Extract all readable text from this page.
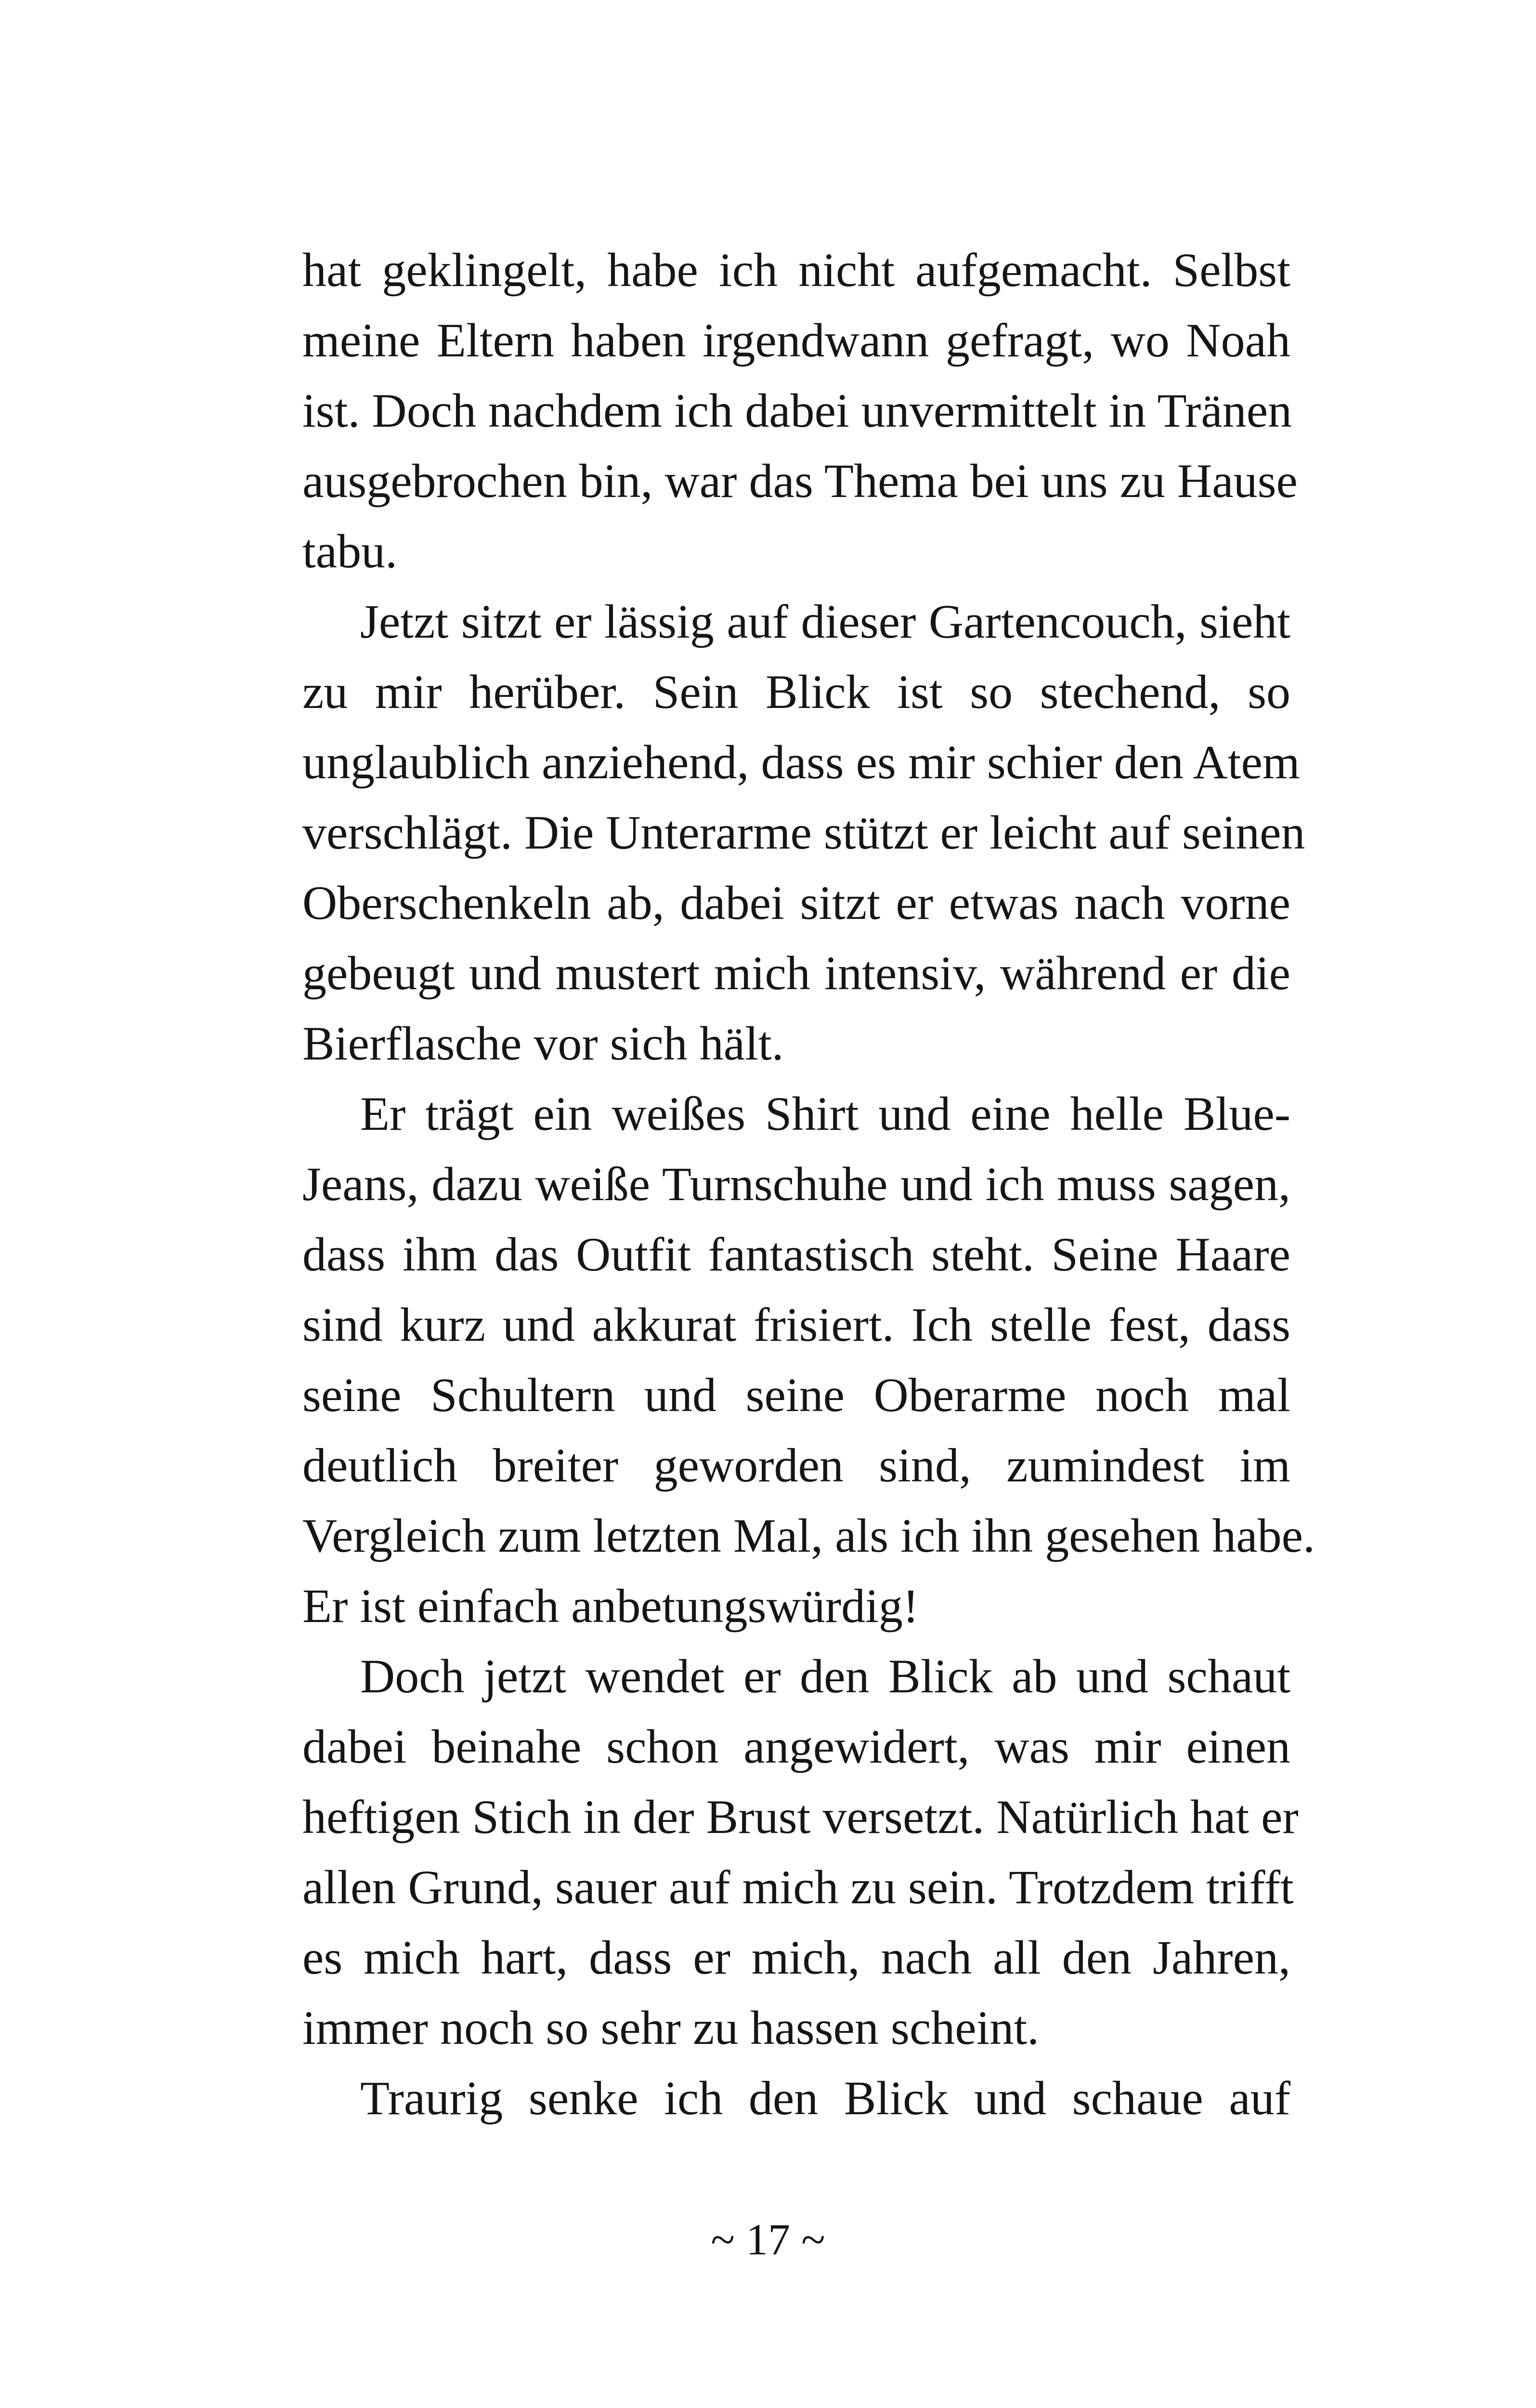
hat geklingelt, habe ich nicht aufgemacht. Selbst
meine Eltern haben irgendwann gefragt, wo Noah
ist. Doch nachdem ich dabei unvermittelt in Tränen
ausgebrochen bin, war das Thema bei uns zu Hause
tabu.
Jetzt sitzt er lässig auf dieser Gartencouch, sieht
zu mir herüber. Sein Blick ist so stechend, so
unglaublich anziehend, dass es mir schier den Atem
verschlägt. Die Unterarme stützt er leicht auf seinen
Oberschenkeln ab, dabei sitzt er etwas nach vorne
gebeugt und mustert mich intensiv, während er die
Bierflasche vor sich hält.
Er trägt ein weißes Shirt und eine helle Blue-
Jeans, dazu weiße Turnschuhe und ich muss sagen,
dass ihm das Outfit fantastisch steht. Seine Haare
sind kurz und akkurat frisiert. Ich stelle fest, dass
seine Schultern und seine Oberarme noch mal
deutlich breiter geworden sind, zumindest im
Vergleich zum letzten Mal, als ich ihn gesehen habe.
Er ist einfach anbetungswürdig!
Doch jetzt wendet er den Blick ab und schaut
dabei beinahe schon angewidert, was mir einen
heftigen Stich in der Brust versetzt. Natürlich hat er
allen Grund, sauer auf mich zu sein. Trotzdem trifft
es mich hart, dass er mich, nach all den Jahren,
immer noch so sehr zu hassen scheint.
Traurig senke ich den Blick und schaue auf
~ 17 ~
